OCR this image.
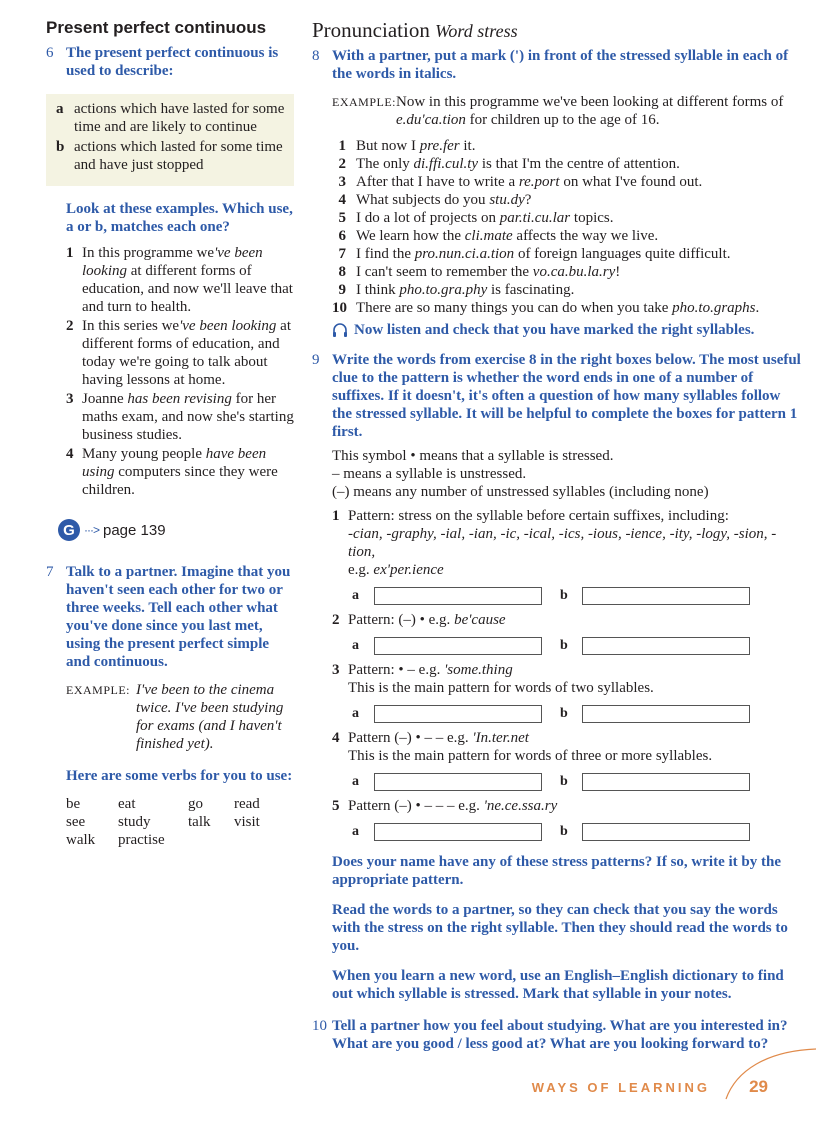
Present perfect continuous
6 The present perfect continuous is used to describe:
a actions which have lasted for some time and are likely to continue
b actions which lasted for some time and have just stopped
Look at these examples. Which use, a or b, matches each one?
1 In this programme we've been looking at different forms of education, and now we'll leave that and turn to health.
2 In this series we've been looking at different forms of education, and today we're going to talk about having lessons at home.
3 Joanne has been revising for her maths exam, and now she's starting business studies.
4 Many young people have been using computers since they were children.
G ···> page 139
7 Talk to a partner. Imagine that you haven't seen each other for two or three weeks. Tell each other what you've done since you last met, using the present perfect simple and continuous.
EXAMPLE: I've been to the cinema twice. I've been studying for exams (and I haven't finished yet).
Here are some verbs for you to use:
be	eat	go	read
see	study	talk	visit
walk	practise
Pronunciation Word stress
8 With a partner, put a mark (') in front of the stressed syllable in each of the words in italics.
EXAMPLE: Now in this programme we've been looking at different forms of e.du'ca.tion for children up to the age of 16.
1 But now I pre.fer it.
2 The only di.ffi.cul.ty is that I'm the centre of attention.
3 After that I have to write a re.port on what I've found out.
4 What subjects do you stu.dy?
5 I do a lot of projects on par.ti.cu.lar topics.
6 We learn how the cli.mate affects the way we live.
7 I find the pro.nun.ci.a.tion of foreign languages quite difficult.
8 I can't seem to remember the vo.ca.bu.la.ry!
9 I think pho.to.gra.phy is fascinating.
10 There are so many things you can do when you take pho.to.graphs.
Now listen and check that you have marked the right syllables.
9 Write the words from exercise 8 in the right boxes below. The most useful clue to the pattern is whether the word ends in one of a number of suffixes. If it doesn't, it's often a question of how many syllables follow the stressed syllable. It will be helpful to complete the boxes for pattern 1 first.
This symbol • means that a syllable is stressed.
– means a syllable is unstressed.
(–) means any number of unstressed syllables (including none)
1 Pattern: stress on the syllable before certain suffixes, including:
-cian, -graphy, -ial, -ian, -ic, -ical, -ics, -ious, -ience, -ity, -logy, -sion, -tion,
e.g. ex'per.ience
a	b
2 Pattern: (–) • e.g. be'cause
a	b
3 Pattern: • – e.g. 'some.thing
This is the main pattern for words of two syllables.
a	b
4 Pattern (–) • – – e.g. 'In.ter.net
This is the main pattern for words of three or more syllables.
a	b
5 Pattern (–) • – – – e.g. 'ne.ce.ssa.ry
a	b
Does your name have any of these stress patterns? If so, write it by the appropriate pattern.
Read the words to a partner, so they can check that you say the words with the stress on the right syllable. Then they should read the words to you.
When you learn a new word, use an English–English dictionary to find out which syllable is stressed. Mark that syllable in your notes.
10 Tell a partner how you feel about studying. What are you interested in? What are you good / less good at? What are you looking forward to?
WAYS OF LEARNING 29
